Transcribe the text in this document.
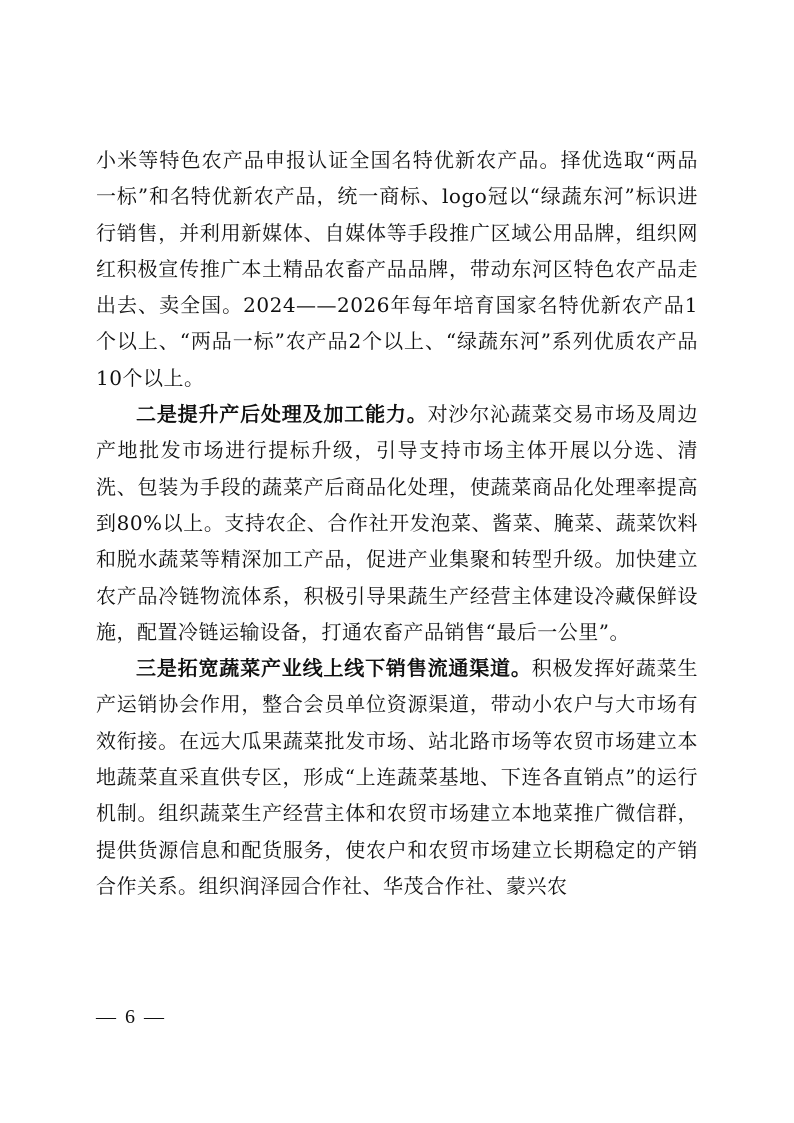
小米等特色农产品申报认证全国名特优新农产品。择优选取“两品一标”和名特优新农产品，统一商标、logo冠以“绿蔬东河”标识进行销售，并利用新媒体、自媒体等手段推广区域公用品牌，组织网红积极宣传推广本土精品农畜产品品牌，带动东河区特色农产品走出去、卖全国。2024——2026年每年培育国家名特优新农产品1个以上、“两品一标”农产品2个以上、“绿蔬东河”系列优质农产品10个以上。

二是提升产后处理及加工能力。对沙尔沁蔬菜交易市场及周边产地批发市场进行提标升级，引导支持市场主体开展以分选、清洗、包装为手段的蔬菜产后商品化处理，使蔬菜商品化处理率提高到80%以上。支持农企、合作社开发泡菜、酱菜、腌菜、蔬菜饮料和脱水蔬菜等精深加工产品，促进产业集聚和转型升级。加快建立农产品冷链物流体系，积极引导果蔬生产经营主体建设冷藏保鲜设施，配置冷链运输设备，打通农畜产品销售“最后一公里”。

三是拓宽蔬菜产业线上线下销售流通渠道。积极发挥好蔬菜生产运销协会作用，整合会员单位资源渠道，带动小农户与大市场有效衔接。在远大瓜果蔬菜批发市场、站北路市场等农贸市场建立本地蔬菜直采直供专区，形成“上连蔬菜基地、下连各直销点”的运行机制。组织蔬菜生产经营主体和农贸市场建立本地菜推广微信群，提供货源信息和配货服务，使农户和农贸市场建立长期稳定的产销合作关系。组织润泽园合作社、华茂合作社、蒙兴农

— 6 —
